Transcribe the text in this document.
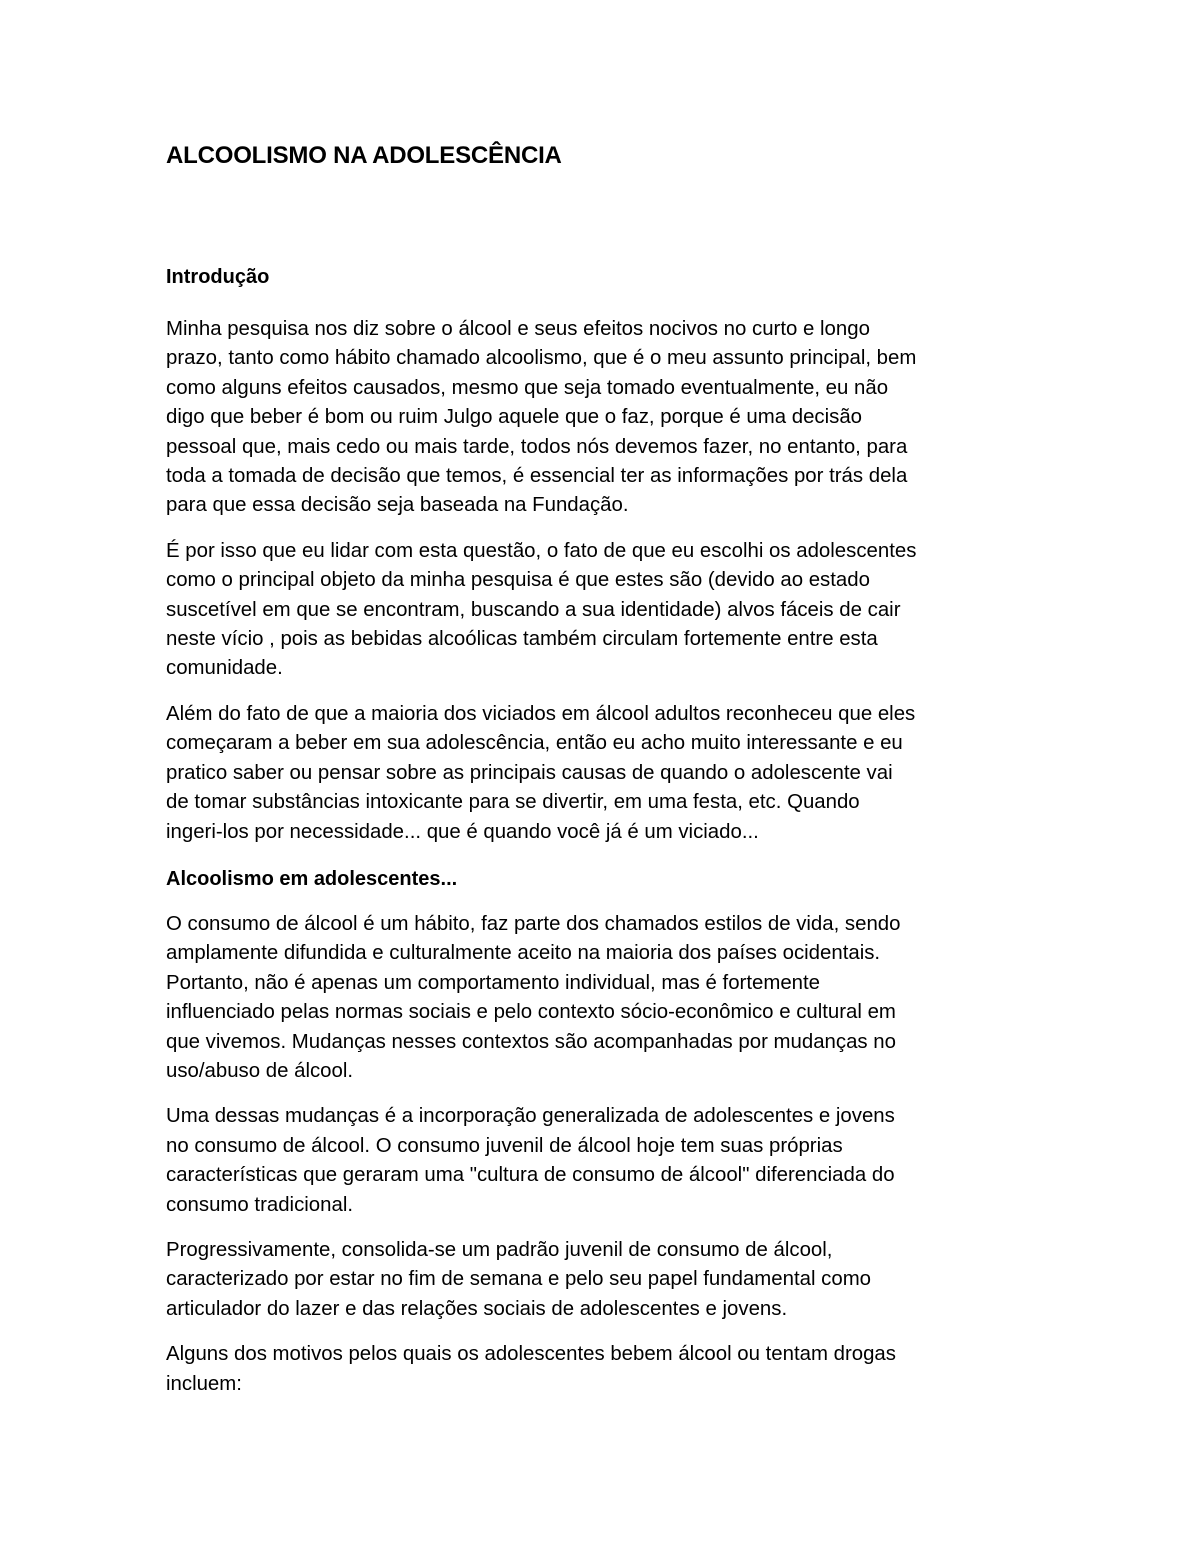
ALCOOLISMO NA ADOLESCÊNCIA
Introdução

Minha pesquisa nos diz sobre o álcool e seus efeitos nocivos no curto e longo
prazo, tanto como hábito chamado alcoolismo, que é o meu assunto principal, bem
como alguns efeitos causados, mesmo que seja tomado eventualmente, eu não
digo que beber é bom ou ruim Julgo aquele que o faz, porque é uma decisão
pessoal que, mais cedo ou mais tarde, todos nós devemos fazer, no entanto, para
toda a tomada de decisão que temos, é essencial ter as informações por trás dela
para que essa decisão seja baseada na Fundação.

É por isso que eu lidar com esta questão, o fato de que eu escolhi os adolescentes
como o principal objeto da minha pesquisa é que estes são (devido ao estado
suscetível em que se encontram, buscando a sua identidade) alvos fáceis de cair
neste vício , pois as bebidas alcoólicas também circulam fortemente entre esta
comunidade.

Além do fato de que a maioria dos viciados em álcool adultos reconheceu que eles
começaram a beber em sua adolescência, então eu acho muito interessante e eu
pratico saber ou pensar sobre as principais causas de quando o adolescente vai
de tomar substâncias intoxicante para se divertir, em uma festa, etc. Quando
ingeri-los por necessidade... que é quando você já é um viciado...

Alcoolismo em adolescentes...

O consumo de álcool é um hábito, faz parte dos chamados estilos de vida, sendo
amplamente difundida e culturalmente aceito na maioria dos países ocidentais.
Portanto, não é apenas um comportamento individual, mas é fortemente
influenciado pelas normas sociais e pelo contexto sócio-econômico e cultural em
que vivemos. Mudanças nesses contextos são acompanhadas por mudanças no
uso/abuso de álcool.

Uma dessas mudanças é a incorporação generalizada de adolescentes e jovens
no consumo de álcool. O consumo juvenil de álcool hoje tem suas próprias
características que geraram uma "cultura de consumo de álcool" diferenciada do
consumo tradicional.

Progressivamente, consolida-se um padrão juvenil de consumo de álcool,
caracterizado por estar no fim de semana e pelo seu papel fundamental como
articulador do lazer e das relações sociais de adolescentes e jovens.

Alguns dos motivos pelos quais os adolescentes bebem álcool ou tentam drogas
incluem:
